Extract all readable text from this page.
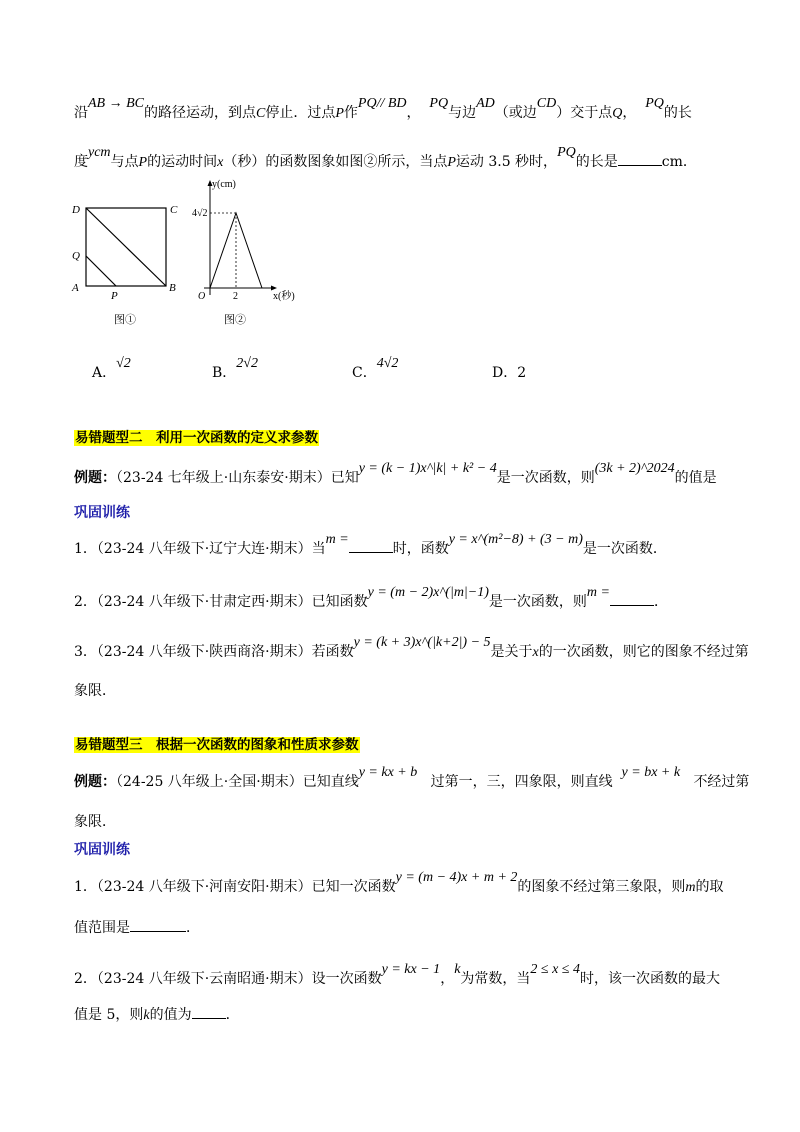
沿AB → BC的路径运动，到点C停止．过点P作PQ// BD，  PQ与边AD（或边CD）交于点Q，  PQ的长
度ycm与点P的运动时间x（秒）的函数图象如图②所示，当点P运动 3.5 秒时，PQ的长是	cm．
D	C
Q
A
P
B
图①
y(cm)
4√2
O	2	x(秒)
图②
A．√2
B．2√2
C．4√2
D．2
易错题型二　利用一次函数的定义求参数
例题：（23-24 七年级上·山东泰安·期末）已知y = (k − 1)x^|k| + k² − 4是一次函数，则(3k + 2)^2024的值是
巩固训练
1．（23-24 八年级下·辽宁大连·期末）当m =时，函数y = x^(m²−8) + (3 − m)是一次函数．
2．（23-24 八年级下·甘肃定西·期末）已知函数y = (m − 2)x^(|m|−1)是一次函数，则m =．
3．（23-24 八年级下·陕西商洛·期末）若函数y = (k + 3)x^(|k+2|) − 5是关于x的一次函数，则它的图象不经过第
象限．
易错题型三　根据一次函数的图象和性质求参数
例题：（24-25 八年级上·全国·期末）已知直线y = kx + b   过第一，三，四象限，则直线  y = bx + k   不经过第
象限．
巩固训练
1．（23-24 八年级下·河南安阳·期末）已知一次函数y = (m − 4)x + m + 2的图象不经过第三象限，则m的取
值范围是	．
2．（23-24 八年级下·云南昭通·期末）设一次函数y = kx − 1，k为常数，当2 ≤ x ≤ 4时，该一次函数的最大
值是 5，则k的值为 ．
